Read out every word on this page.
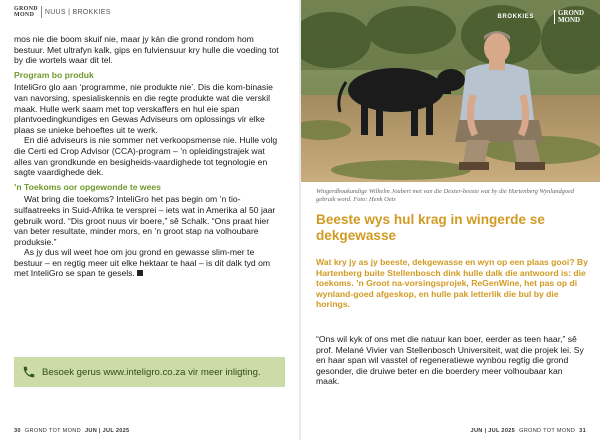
GROND
MOND	NUUS | BROKKIES

mos nie die boom skuif nie, maar jy kán die grond rondom hom bestuur. Met ultrafyn kalk, gips en fulviensuur kry hulle die voeding tot by die wortels waar dit tel.

Program bo produk

InteliGro glo aan ‘programme, nie produkte nie’. Dis die kom-binasie van navorsing, spesialiskennis en die regte produkte wat die verskil maak. Hulle werk saam met top verskaffers en hul eie span plantvoedingkundiges en Gewas Adviseurs om oplossings vir elke plaas se unieke behoeftes uit te werk.

En dié adviseurs is nie sommer net verkoopsmense nie. Hulle volg die Certi ed Crop Advisor (CCA)-program – ’n opleidingstrajek wat alles van grondkunde en besigheids-vaardighede tot tegnologie en sagte vaardighede dek.

’n Toekoms oor opgewonde te wees

Wat bring die toekoms? InteliGro het pas begin om ’n tio-sulfaatreeks in Suid-Afrika te versprei – iets wat in Amerika al 50 jaar gebruik word. “Dis groot nuus vir boere,” sê Schalk. “Ons praat hier van beter resultate, minder mors, en ’n groot stap na volhoubare produksie.”

As jy dus wil weet hoe om jou grond en gewasse slim-mer te bestuur – en regtig meer uit elke hektaar te haal – is dit dalk tyd om met InteliGro se span te gesels.

Besoek gerus www.inteligro.co.za vir meer inligting.
30 GROND TOT MOND JUN | JUL 2025
BROKKIES	GROND
MOND
Wingerdboukundige Wilhelm Joubert met van die Dexter-beeste wat by die Hartenberg Wynlandgoed gebruik word. Foto: Henk Oets
Beeste wys hul krag in wingerde se dekgewasse
Wat kry jy as jy beeste, dekgewasse en wyn op een plaas gooi? By Hartenberg buite Stellenbosch dink hulle dalk die antwoord is: die toekoms. ’n Groot na-vorsingsprojek, ReGenWine, het pas op di wynland-goed afgeskop, en hulle pak letterlik die bul by die horings.

“Ons wil kyk of ons met die natuur kan boer, eerder as teen haar,” sê prof. Melané Vivier van Stellenbosch Universiteit, wat die projek lei. Sy en haar span wil vasstel of regeneratiewe wynbou regtig die grond gesonder, die druiwe beter en die boerdery meer volhoubaar kan maak.

JUN | JUL 2025 GROND TOT MOND 31
